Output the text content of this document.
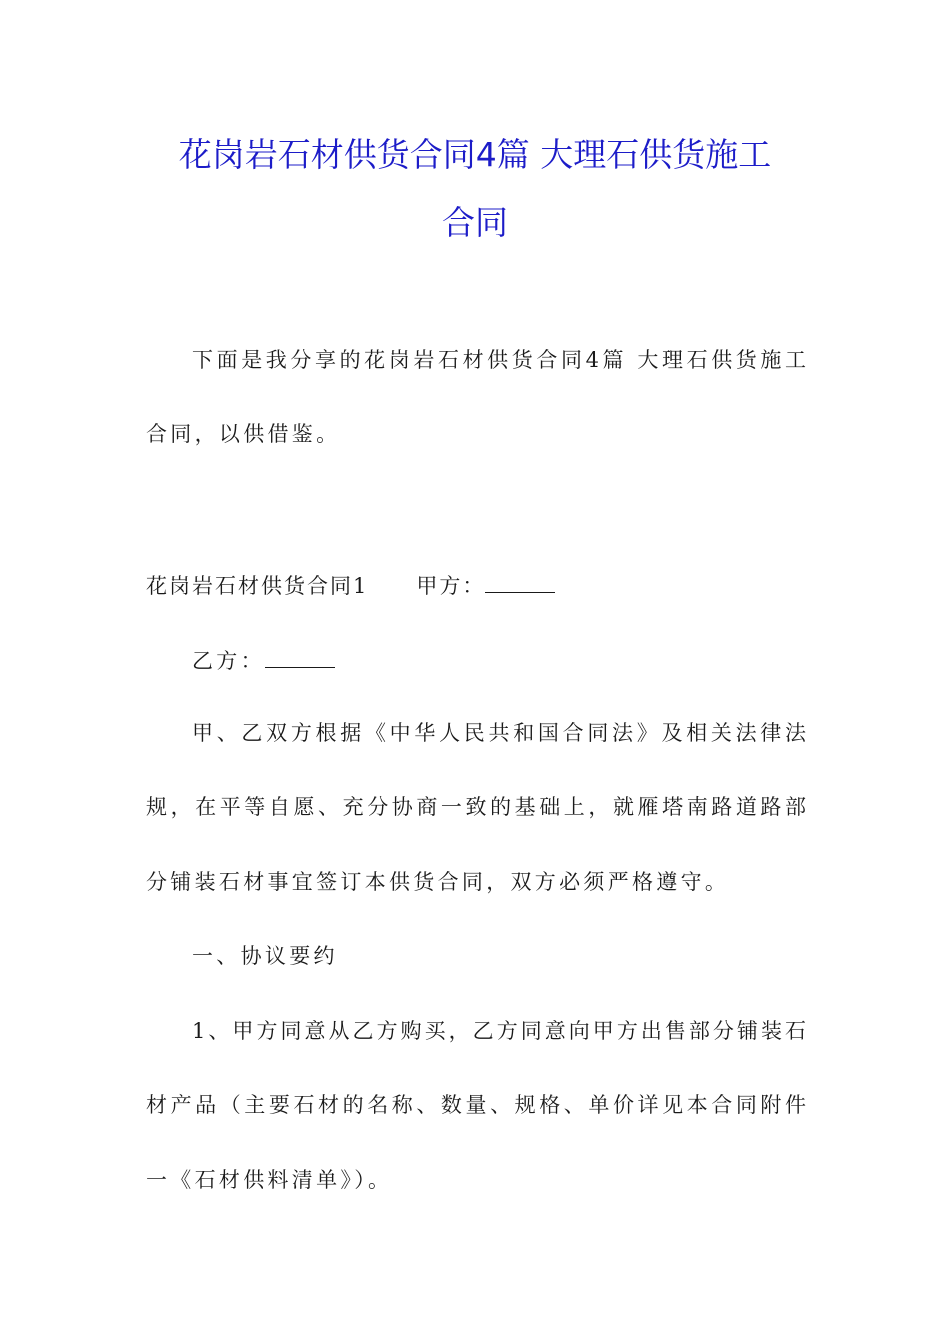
花岗岩石材供货合同4篇 大理石供货施工
合同
下面是我分享的花岗岩石材供货合同4篇 大理石供货施工
合同，以供借鉴。
花岗岩石材供货合同1 甲方：
乙方：
甲、乙双方根据《中华人民共和国合同法》及相关法律法
规，在平等自愿、充分协商一致的基础上，就雁塔南路道路部
分铺装石材事宜签订本供货合同，双方必须严格遵守。
一、协议要约
1、甲方同意从乙方购买，乙方同意向甲方出售部分铺装石
材产品（主要石材的名称、数量、规格、单价详见本合同附件
一《石材供料清单》）。
